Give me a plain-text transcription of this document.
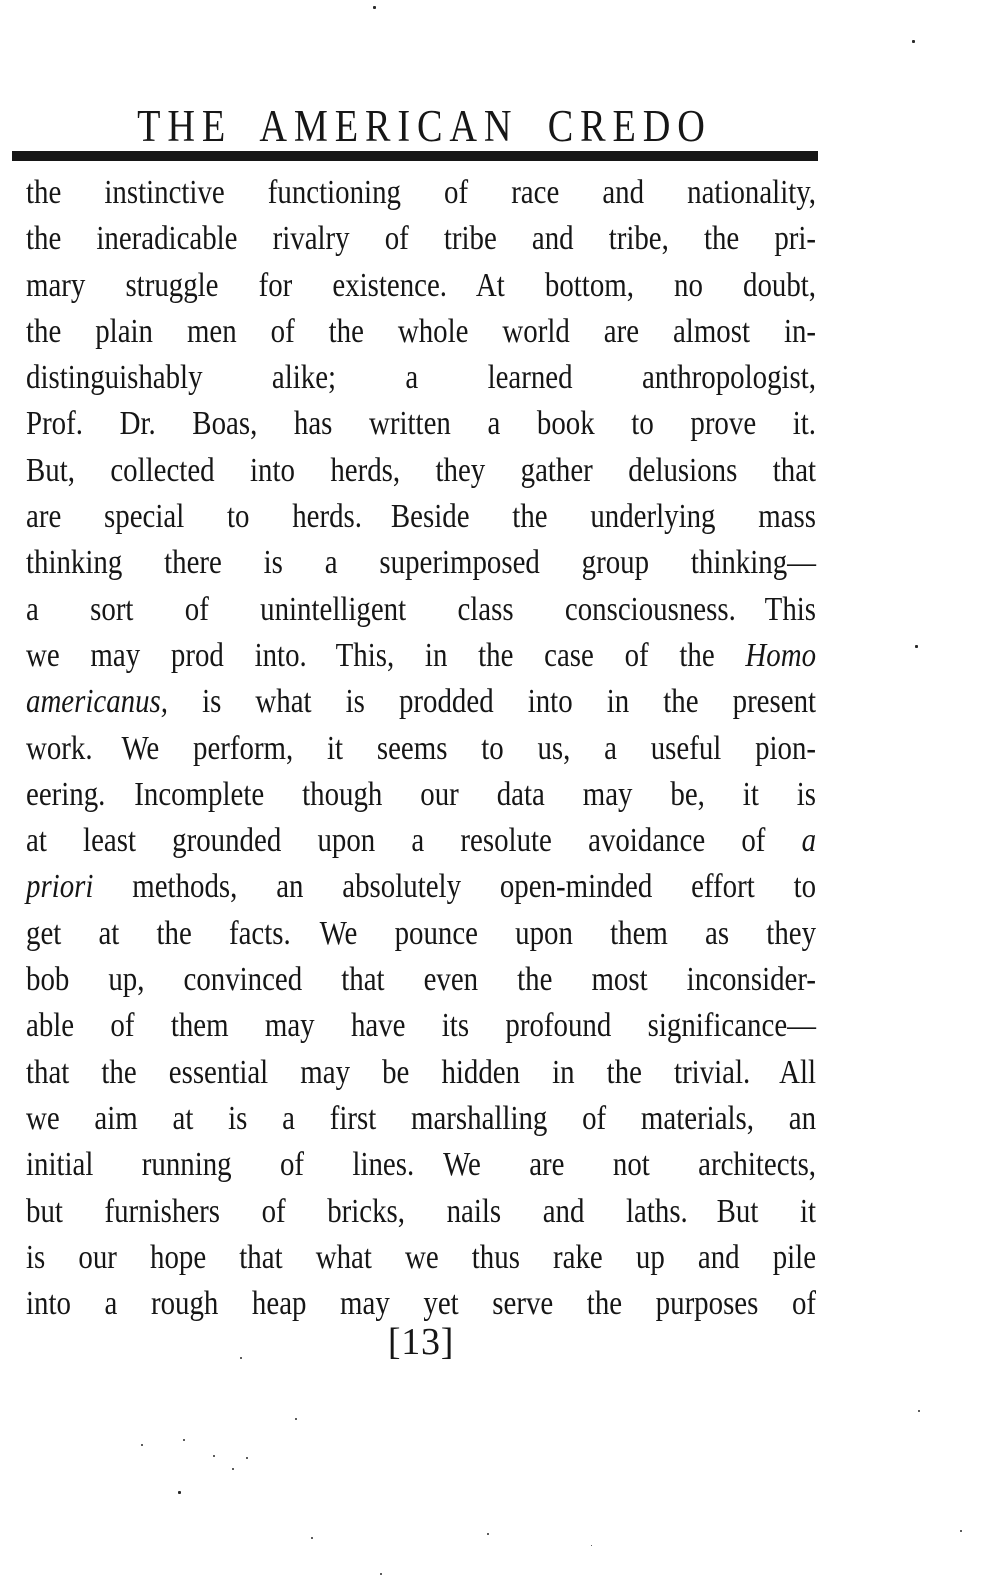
THE AMERICAN CREDO
the instinctive functioning of race and nationality,
the ineradicable rivalry of tribe and tribe, the pri-
mary struggle for existence. At bottom, no doubt,
the plain men of the whole world are almost in-
distinguishably alike; a learned anthropologist,
Prof. Dr. Boas, has written a book to prove it.
But, collected into herds, they gather delusions that
are special to herds. Beside the underlying mass
thinking there is a superimposed group thinking—
a sort of unintelligent class consciousness. This
we may prod into. This, in the case of the Homo
americanus, is what is prodded into in the present
work. We perform, it seems to us, a useful pion-
eering. Incomplete though our data may be, it is
at least grounded upon a resolute avoidance of a
priori methods, an absolutely open-minded effort to
get at the facts. We pounce upon them as they
bob up, convinced that even the most inconsider-
able of them may have its profound significance—
that the essential may be hidden in the trivial. All
we aim at is a first marshalling of materials, an
initial running of lines. We are not architects,
but furnishers of bricks, nails and laths. But it
is our hope that what we thus rake up and pile
into a rough heap may yet serve the purposes of
[13]
